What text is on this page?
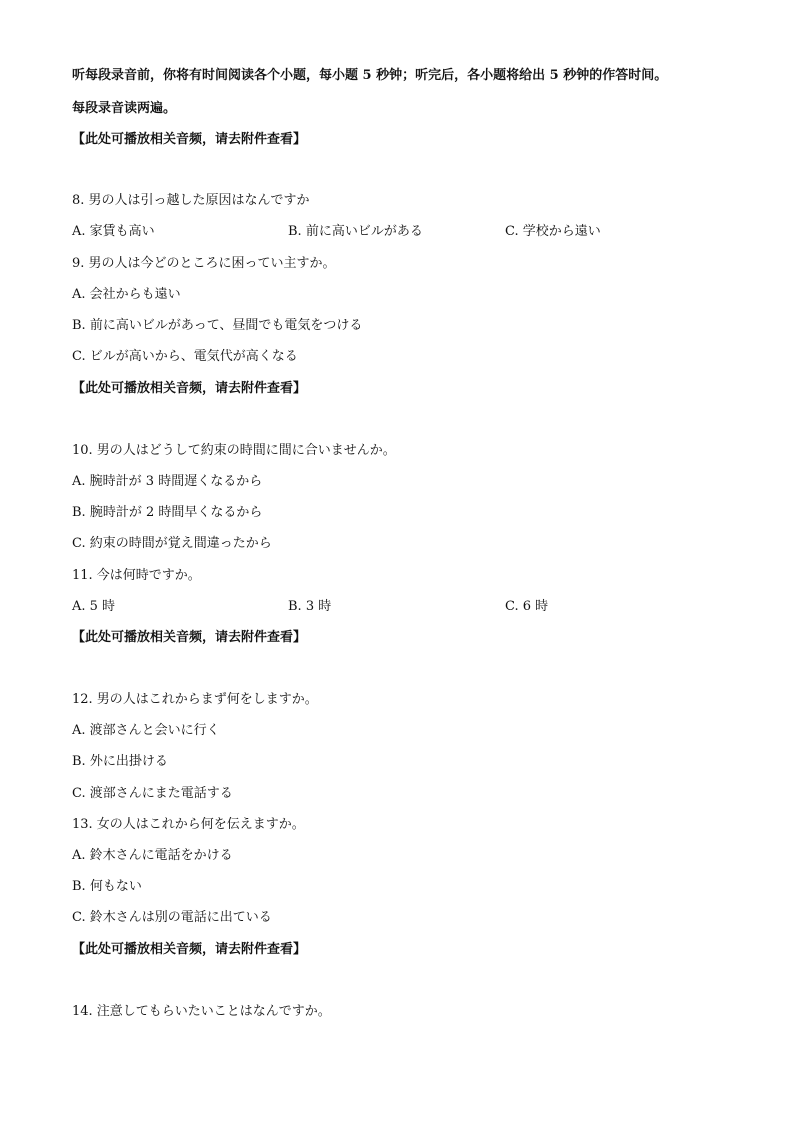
听每段录音前，你将有时间阅读各个小题，每小题 5 秒钟；听完后，各小题将给出 5 秒钟的作答时间。
每段录音读两遍。
【此处可播放相关音频，请去附件查看】
8. 男の人は引っ越した原因はなんですか
A. 家賃も高い	B. 前に高いビルがある	C. 学校から遠い
9. 男の人は今どのところに困ってい主すか。
A. 会社からも遠い
B. 前に高いビルがあって、昼間でも電気をつける
C. ビルが高いから、電気代が高くなる
【此处可播放相关音频，请去附件查看】
10. 男の人はどうして約束の時間に間に合いませんか。
A. 腕時計が 3 時間遅くなるから
B. 腕時計が 2 時間早くなるから
C. 約束の時間が覚え間違ったから
11. 今は何時ですか。
A. 5 時	B. 3 時	C. 6 時
【此处可播放相关音频，请去附件查看】
12. 男の人はこれからまず何をしますか。
A. 渡部さんと会いに行く
B. 外に出掛ける
C. 渡部さんにまた電話する
13. 女の人はこれから何を伝えますか。
A. 鈴木さんに電話をかける
B. 何もない
C. 鈴木さんは別の電話に出ている
【此处可播放相关音频，请去附件查看】
14. 注意してもらいたいことはなんですか。
